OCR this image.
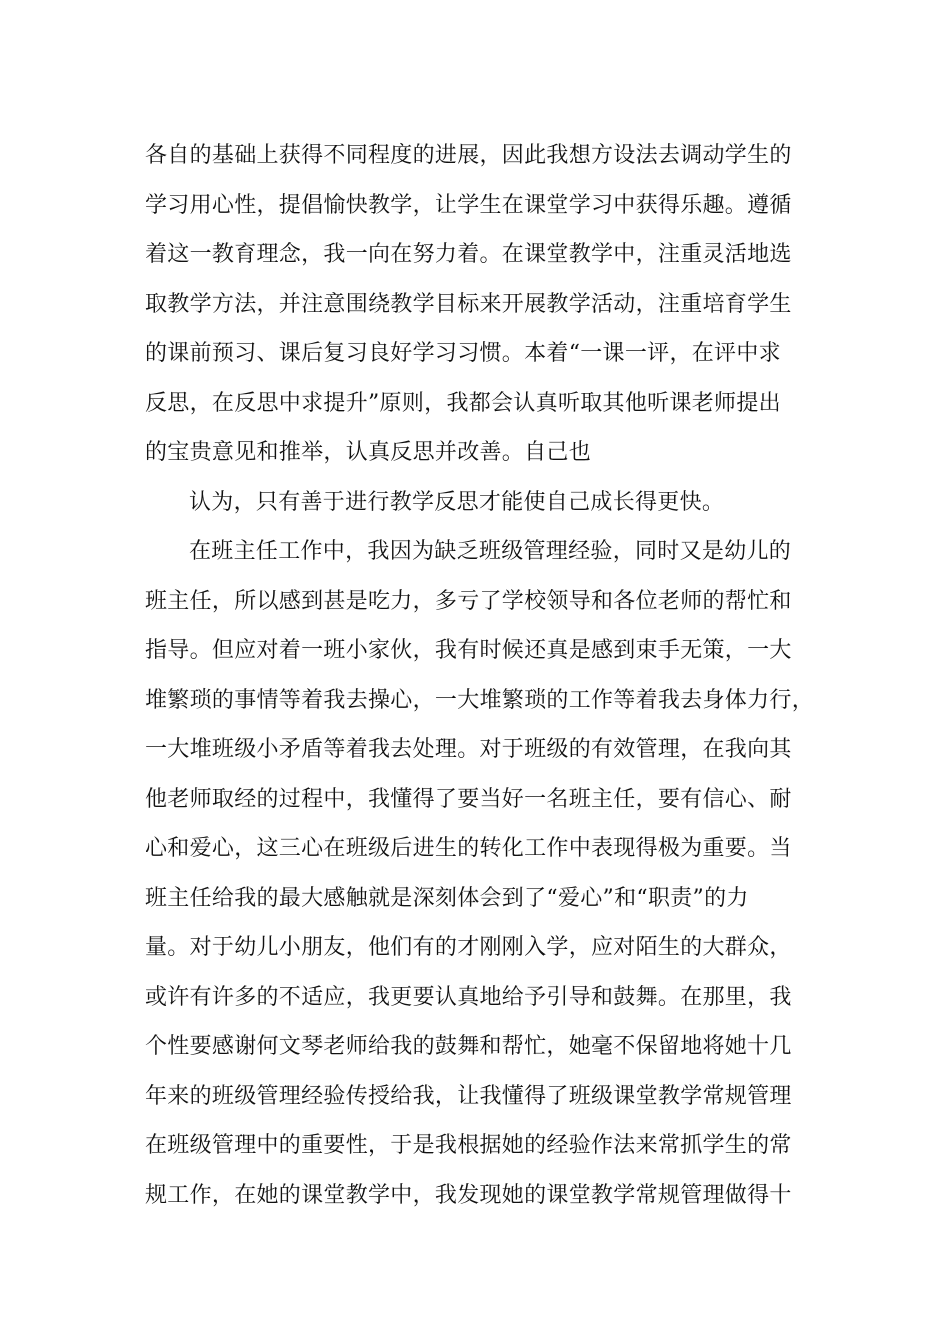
各自的基础上获得不同程度的进展，因此我想方设法去调动学生的
学习用心性，提倡愉快教学，让学生在课堂学习中获得乐趣。遵循
着这一教育理念，我一向在努力着。在课堂教学中，注重灵活地选
取教学方法，并注意围绕教学目标来开展教学活动，注重培育学生
的课前预习、课后复习良好学习习惯。本着“一课一评，在评中求
反思，在反思中求提升”原则，我都会认真听取其他听课老师提出
的宝贵意见和推举，认真反思并改善。自己也
认为，只有善于进行教学反思才能使自己成长得更快。
在班主任工作中，我因为缺乏班级管理经验，同时又是幼儿的
班主任，所以感到甚是吃力，多亏了学校领导和各位老师的帮忙和
指导。但应对着一班小家伙，我有时候还真是感到束手无策，一大
堆繁琐的事情等着我去操心，一大堆繁琐的工作等着我去身体力行，
一大堆班级小矛盾等着我去处理。对于班级的有效管理，在我向其
他老师取经的过程中，我懂得了要当好一名班主任，要有信心、耐
心和爱心，这三心在班级后进生的转化工作中表现得极为重要。当
班主任给我的最大感触就是深刻体会到了“爱心”和“职责”的力
量。对于幼儿小朋友，他们有的才刚刚入学，应对陌生的大群众，
或许有许多的不适应，我更要认真地给予引导和鼓舞。在那里，我
个性要感谢何文琴老师给我的鼓舞和帮忙，她毫不保留地将她十几
年来的班级管理经验传授给我，让我懂得了班级课堂教学常规管理
在班级管理中的重要性，于是我根据她的经验作法来常抓学生的常
规工作，在她的课堂教学中，我发现她的课堂教学常规管理做得十
